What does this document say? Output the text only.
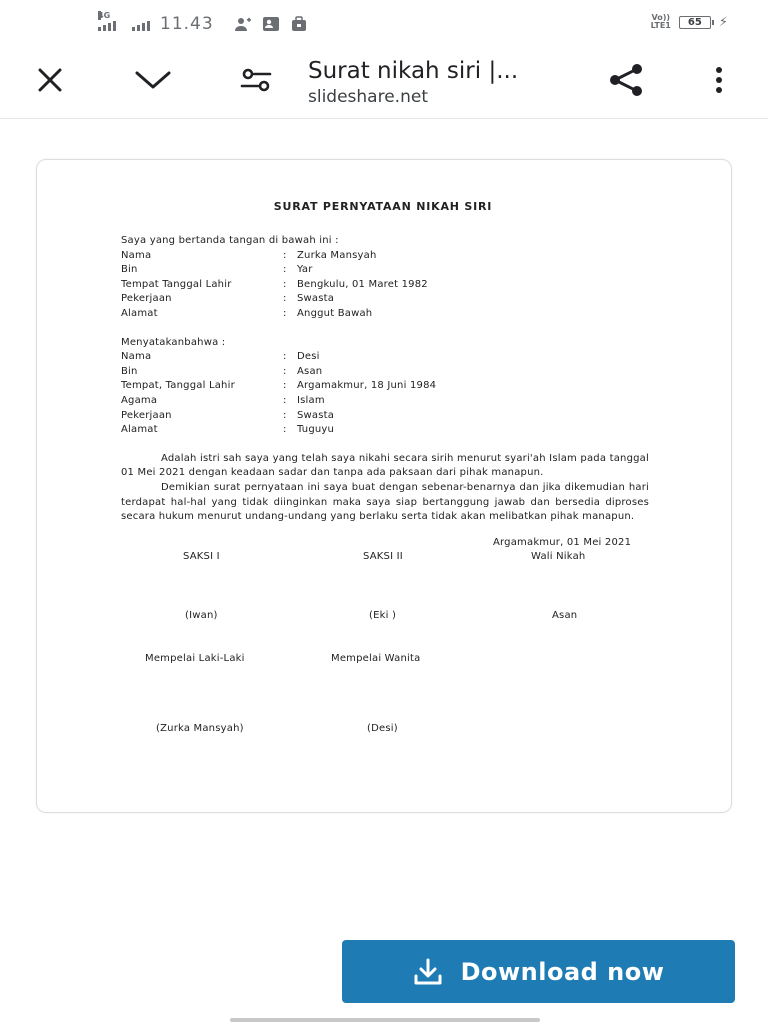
4G	11.43	Vo))
LTE1 65 ⚡
Surat nikah siri |...
slideshare.net
SURAT PERNYATAAN NIKAH SIRI
Saya yang bertanda tangan di bawah ini :
Nama	:	Zurka Mansyah
Bin	:	Yar
Tempat Tanggal Lahir	:	Bengkulu, 01 Maret 1982
Pekerjaan	:	Swasta
Alamat	:	Anggut Bawah
Menyatakanbahwa :
Nama	:	Desi
Bin	:	Asan
Tempat, Tanggal Lahir	:	Argamakmur, 18 Juni 1984
Agama	:	Islam
Pekerjaan	:	Swasta
Alamat	:	Tuguyu
Adalah istri sah saya yang telah saya nikahi secara sirih menurut syari'ah Islam pada tanggal 01 Mei 2021 dengan keadaan sadar dan tanpa ada paksaan dari pihak manapun.
Demikian surat pernyataan ini saya buat dengan sebenar-benarnya dan jika dikemudian hari terdapat hal-hal yang tidak diinginkan maka saya siap bertanggung jawab dan bersedia diproses secara hukum menurut undang-undang yang berlaku serta tidak akan melibatkan pihak manapun.
Argamakmur, 01 Mei 2021
SAKSI I	SAKSI II	Wali Nikah
(Iwan)	(Eki )	Asan
Mempelai Laki-Laki	Mempelai Wanita
(Zurka Mansyah)	(Desi)
Download now
